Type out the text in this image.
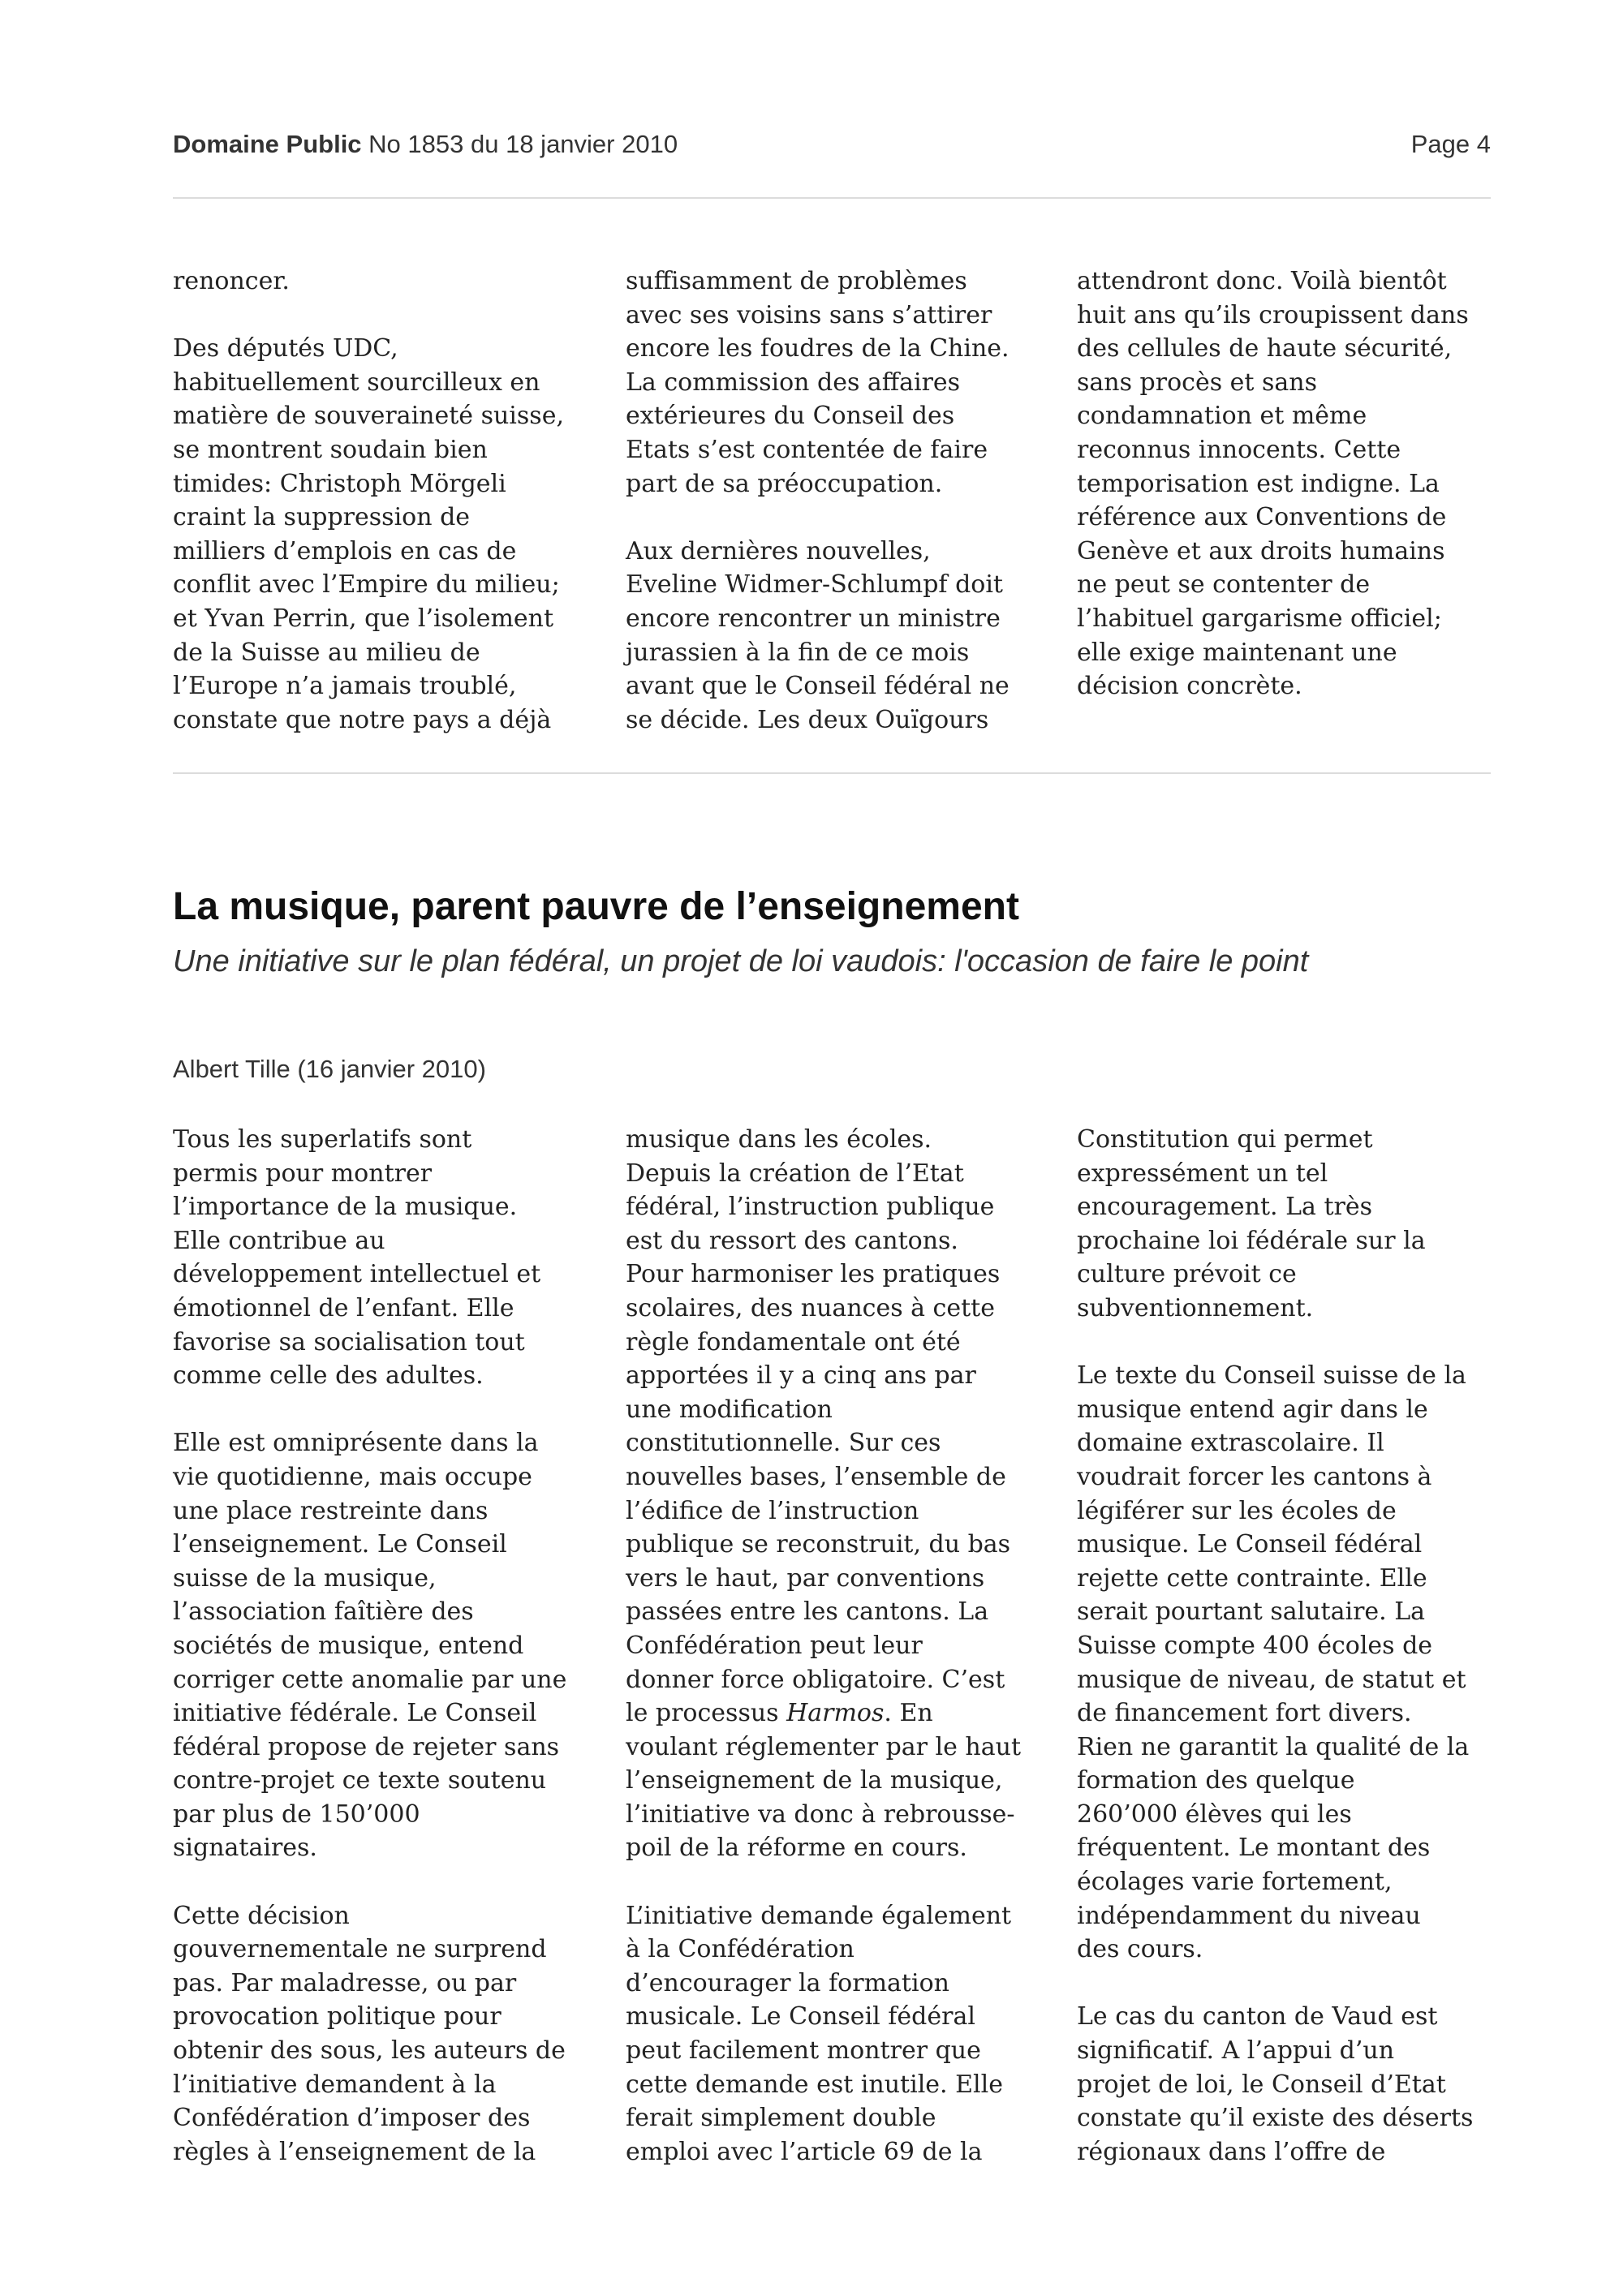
Domaine Public No 1853 du 18 janvier 2010	Page 4

renoncer.

Des députés UDC,
habituellement sourcilleux en
matière de souveraineté suisse,
se montrent soudain bien
timides: Christoph Mörgeli
craint la suppression de
milliers d’emplois en cas de
conflit avec l’Empire du milieu;
et Yvan Perrin, que l’isolement
de la Suisse au milieu de
l’Europe n’a jamais troublé,
constate que notre pays a déjà

suffisamment de problèmes
avec ses voisins sans s’attirer
encore les foudres de la Chine.
La commission des affaires
extérieures du Conseil des
Etats s’est contentée de faire
part de sa préoccupation.

Aux dernières nouvelles,
Eveline Widmer-Schlumpf doit
encore rencontrer un ministre
jurassien à la fin de ce mois
avant que le Conseil fédéral ne
se décide. Les deux Ouïgours

attendront donc. Voilà bientôt
huit ans qu’ils croupissent dans
des cellules de haute sécurité,
sans procès et sans
condamnation et même
reconnus innocents. Cette
temporisation est indigne. La
référence aux Conventions de
Genève et aux droits humains
ne peut se contenter de
l’habituel gargarisme officiel;
elle exige maintenant une
décision concrète.

La musique, parent pauvre de l’enseignement
Une initiative sur le plan fédéral, un projet de loi vaudois: l'occasion de faire le point
Albert Tille (16 janvier 2010)

Tous les superlatifs sont
permis pour montrer
l’importance de la musique.
Elle contribue au
développement intellectuel et
émotionnel de l’enfant. Elle
favorise sa socialisation tout
comme celle des adultes.

Elle est omniprésente dans la
vie quotidienne, mais occupe
une place restreinte dans
l’enseignement. Le Conseil
suisse de la musique,
l’association faîtière des
sociétés de musique, entend
corriger cette anomalie par une
initiative fédérale. Le Conseil
fédéral propose de rejeter sans
contre-projet ce texte soutenu
par plus de 150’000
signataires.

Cette décision
gouvernementale ne surprend
pas. Par maladresse, ou par
provocation politique pour
obtenir des sous, les auteurs de
l’initiative demandent à la
Confédération d’imposer des
règles à l’enseignement de la

musique dans les écoles.
Depuis la création de l’Etat
fédéral, l’instruction publique
est du ressort des cantons.
Pour harmoniser les pratiques
scolaires, des nuances à cette
règle fondamentale ont été
apportées il y a cinq ans par
une modification
constitutionnelle. Sur ces
nouvelles bases, l’ensemble de
l’édifice de l’instruction
publique se reconstruit, du bas
vers le haut, par conventions
passées entre les cantons. La
Confédération peut leur
donner force obligatoire. C’est
le processus Harmos. En
voulant réglementer par le haut
l’enseignement de la musique,
l’initiative va donc à rebrousse-
poil de la réforme en cours.

L’initiative demande également
à la Confédération
d’encourager la formation
musicale. Le Conseil fédéral
peut facilement montrer que
cette demande est inutile. Elle
ferait simplement double
emploi avec l’article 69 de la

Constitution qui permet
expressément un tel
encouragement. La très
prochaine loi fédérale sur la
culture prévoit ce
subventionnement.

Le texte du Conseil suisse de la
musique entend agir dans le
domaine extrascolaire. Il
voudrait forcer les cantons à
légiférer sur les écoles de
musique. Le Conseil fédéral
rejette cette contrainte. Elle
serait pourtant salutaire. La
Suisse compte 400 écoles de
musique de niveau, de statut et
de financement fort divers.
Rien ne garantit la qualité de la
formation des quelque
260’000 élèves qui les
fréquentent. Le montant des
écolages varie fortement,
indépendamment du niveau
des cours.

Le cas du canton de Vaud est
significatif. A l’appui d’un
projet de loi, le Conseil d’Etat
constate qu’il existe des déserts
régionaux dans l’offre de
